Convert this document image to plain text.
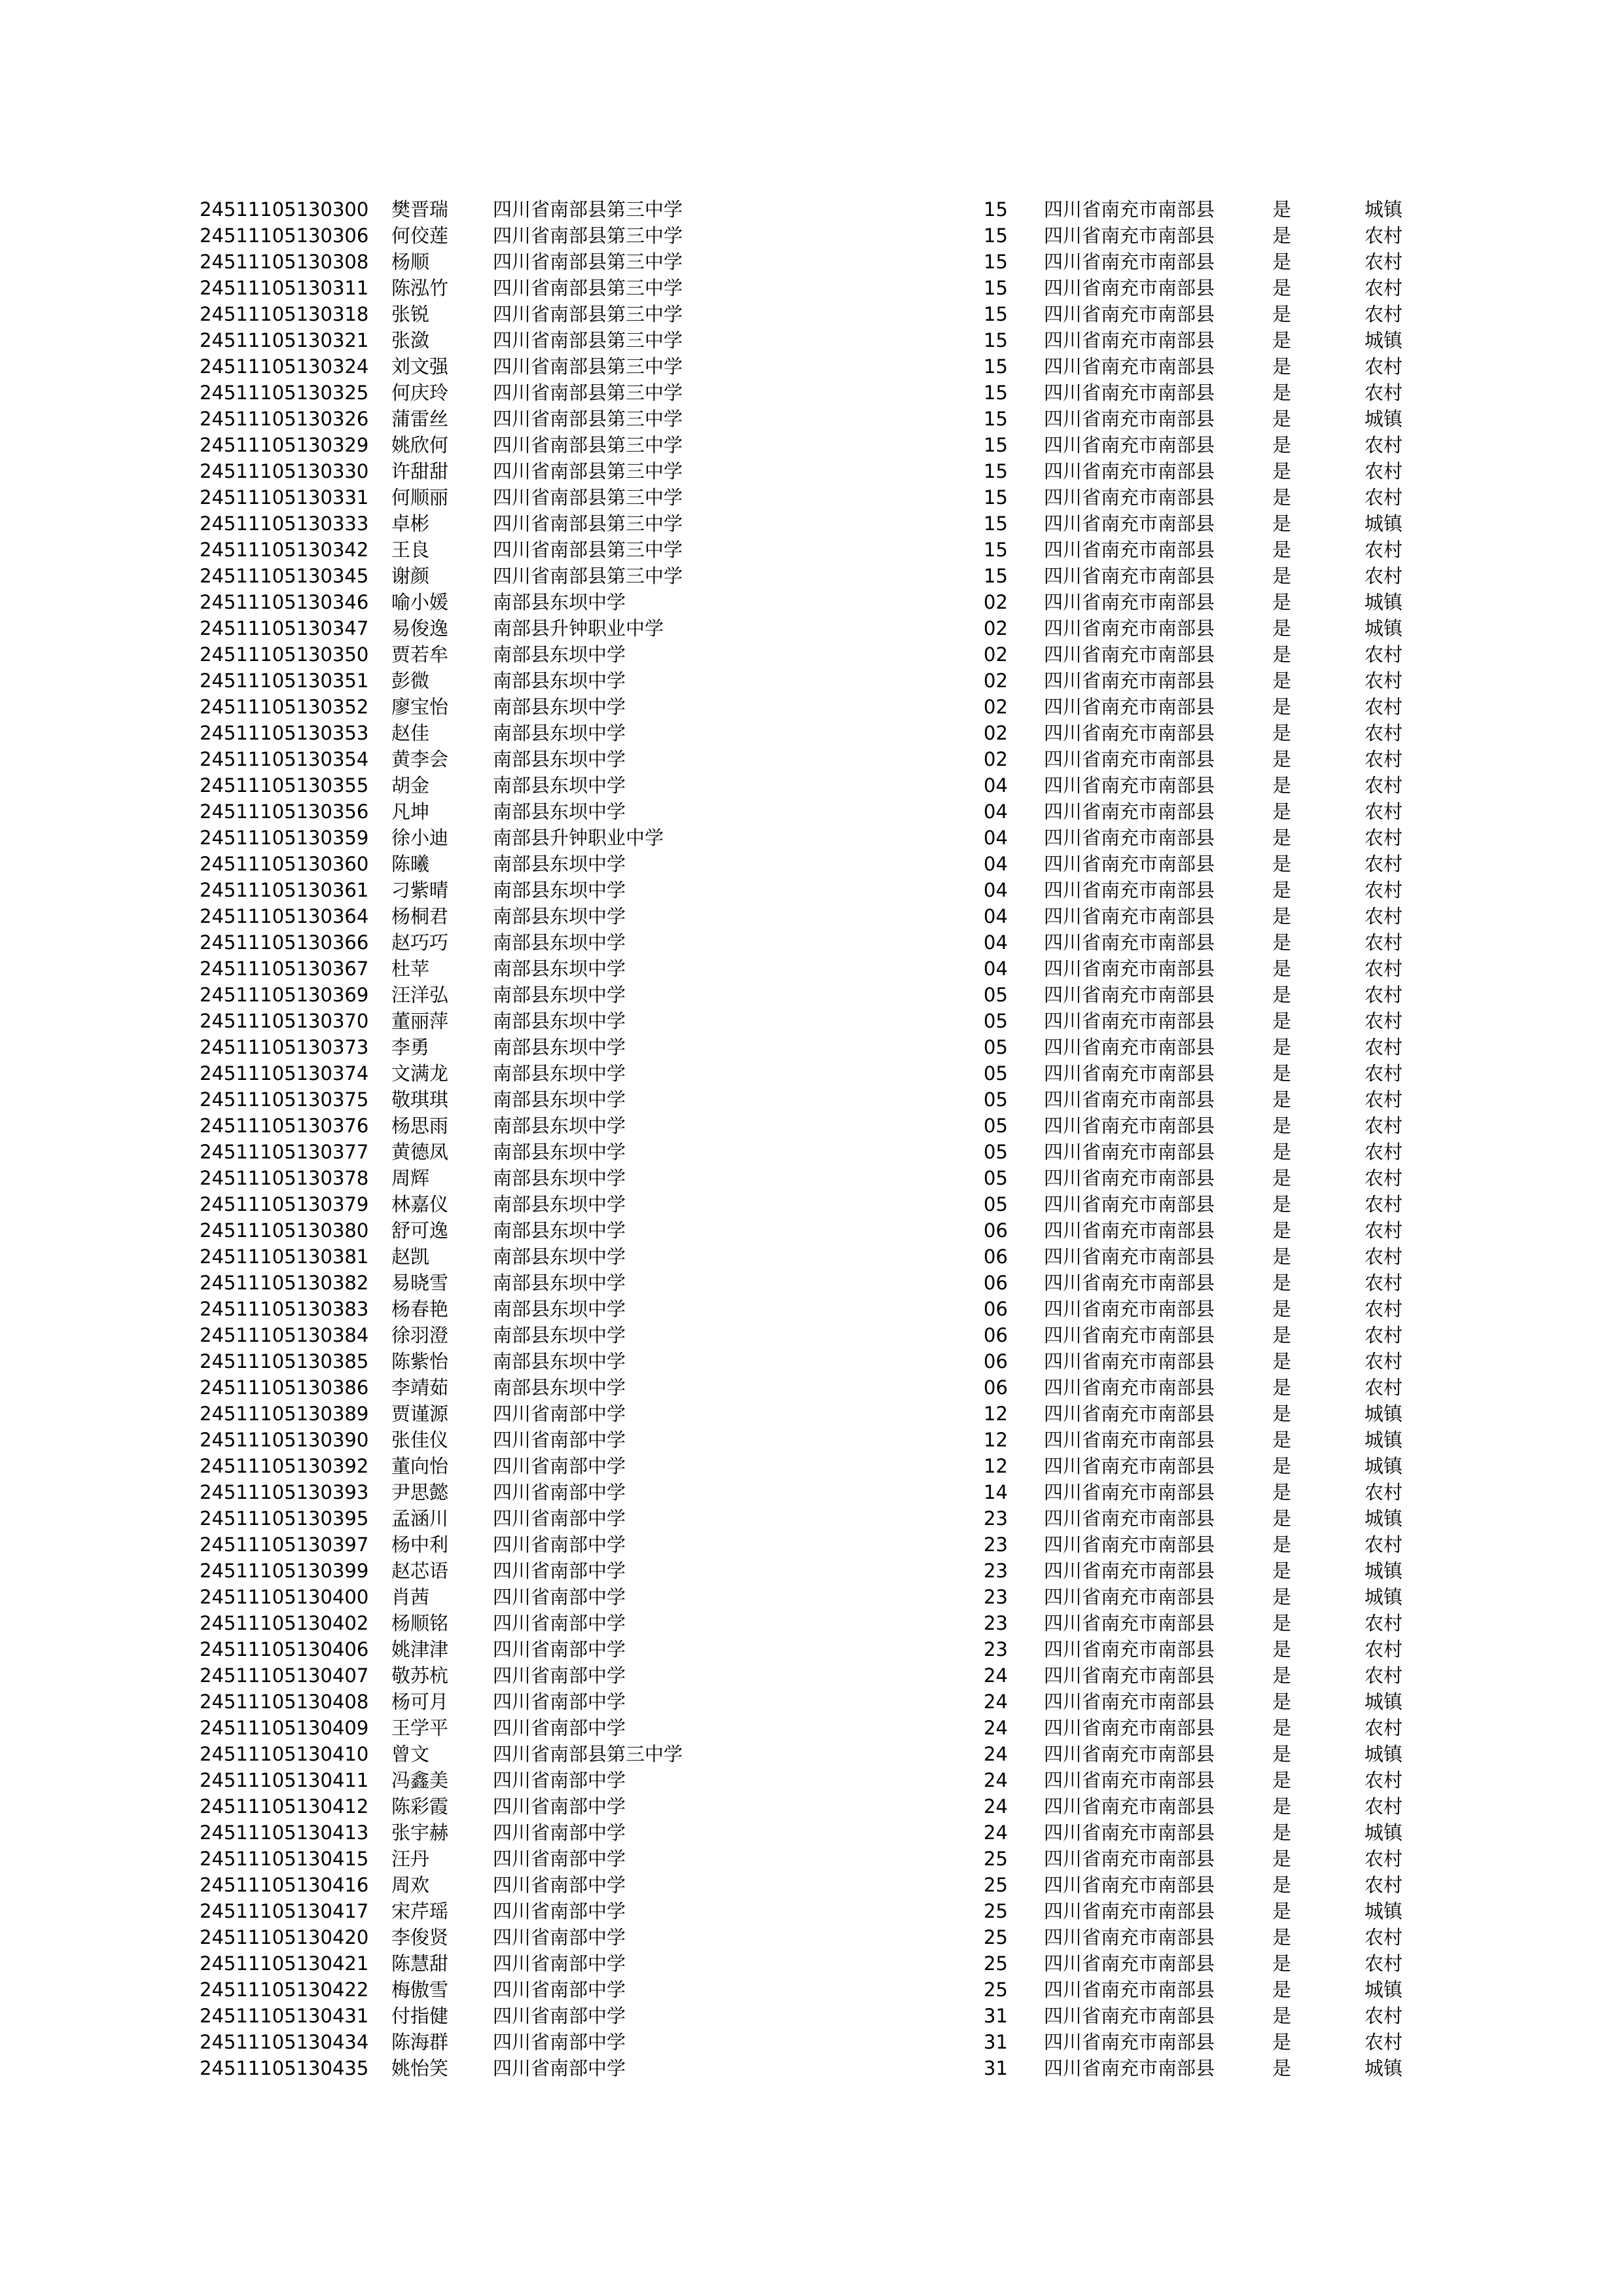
24511105130300 樊晋瑞 四川省南部县第三中学	15 四川省南充市南部县	是	城镇
24511105130306 何佼莲 四川省南部县第三中学	15 四川省南充市南部县	是	农村
24511105130308 杨顺	四川省南部县第三中学	15 四川省南充市南部县	是	农村
24511105130311 陈泓竹 四川省南部县第三中学	15 四川省南充市南部县	是	农村
24511105130318 张锐	四川省南部县第三中学	15 四川省南充市南部县	是	农村
24511105130321 张潋	四川省南部县第三中学	15 四川省南充市南部县	是	城镇
24511105130324 刘文强 四川省南部县第三中学	15 四川省南充市南部县	是	农村
24511105130325 何庆玲 四川省南部县第三中学	15 四川省南充市南部县	是	农村
24511105130326 蒲雷丝 四川省南部县第三中学	15 四川省南充市南部县	是	城镇
24511105130329 姚欣何 四川省南部县第三中学	15 四川省南充市南部县	是	农村
24511105130330 许甜甜 四川省南部县第三中学	15 四川省南充市南部县	是	农村
24511105130331 何顺丽 四川省南部县第三中学	15 四川省南充市南部县	是	农村
24511105130333 卓彬	四川省南部县第三中学	15 四川省南充市南部县	是	城镇
24511105130342 王良	四川省南部县第三中学	15 四川省南充市南部县	是	农村
24511105130345 谢颜	四川省南部县第三中学	15 四川省南充市南部县	是	农村
24511105130346 喻小媛 南部县东坝中学	02 四川省南充市南部县	是	城镇
24511105130347 易俊逸 南部县升钟职业中学	02 四川省南充市南部县	是	城镇
24511105130350 贾若牟 南部县东坝中学	02 四川省南充市南部县	是	农村
24511105130351 彭微	南部县东坝中学	02 四川省南充市南部县	是	农村
24511105130352 廖宝怡 南部县东坝中学	02 四川省南充市南部县	是	农村
24511105130353 赵佳	南部县东坝中学	02 四川省南充市南部县	是	农村
24511105130354 黄李会 南部县东坝中学	02 四川省南充市南部县	是	农村
24511105130355 胡金	南部县东坝中学	04 四川省南充市南部县	是	农村
24511105130356 凡坤	南部县东坝中学	04 四川省南充市南部县	是	农村
24511105130359 徐小迪 南部县升钟职业中学	04 四川省南充市南部县	是	农村
24511105130360 陈曦	南部县东坝中学	04 四川省南充市南部县	是	农村
24511105130361 刁紫晴 南部县东坝中学	04 四川省南充市南部县	是	农村
24511105130364 杨桐君 南部县东坝中学	04 四川省南充市南部县	是	农村
24511105130366 赵巧巧 南部县东坝中学	04 四川省南充市南部县	是	农村
24511105130367 杜苹	南部县东坝中学	04 四川省南充市南部县	是	农村
24511105130369 汪洋弘 南部县东坝中学	05 四川省南充市南部县	是	农村
24511105130370 董丽萍 南部县东坝中学	05 四川省南充市南部县	是	农村
24511105130373 李勇	南部县东坝中学	05 四川省南充市南部县	是	农村
24511105130374 文满龙 南部县东坝中学	05 四川省南充市南部县	是	农村
24511105130375 敬琪琪 南部县东坝中学	05 四川省南充市南部县	是	农村
24511105130376 杨思雨 南部县东坝中学	05 四川省南充市南部县	是	农村
24511105130377 黄德凤 南部县东坝中学	05 四川省南充市南部县	是	农村
24511105130378 周辉	南部县东坝中学	05 四川省南充市南部县	是	农村
24511105130379 林嘉仪 南部县东坝中学	05 四川省南充市南部县	是	农村
24511105130380 舒可逸 南部县东坝中学	06 四川省南充市南部县	是	农村
24511105130381 赵凯	南部县东坝中学	06 四川省南充市南部县	是	农村
24511105130382 易晓雪 南部县东坝中学	06 四川省南充市南部县	是	农村
24511105130383 杨春艳 南部县东坝中学	06 四川省南充市南部县	是	农村
24511105130384 徐羽澄 南部县东坝中学	06 四川省南充市南部县	是	农村
24511105130385 陈紫怡 南部县东坝中学	06 四川省南充市南部县	是	农村
24511105130386 李靖茹 南部县东坝中学	06 四川省南充市南部县	是	农村
24511105130389 贾谨源 四川省南部中学	12 四川省南充市南部县	是	城镇
24511105130390 张佳仪 四川省南部中学	12 四川省南充市南部县	是	城镇
24511105130392 董向怡 四川省南部中学	12 四川省南充市南部县	是	城镇
24511105130393 尹思懿 四川省南部中学	14 四川省南充市南部县	是	农村
24511105130395 孟涵川 四川省南部中学	23 四川省南充市南部县	是	城镇
24511105130397 杨中利 四川省南部中学	23 四川省南充市南部县	是	农村
24511105130399 赵芯语 四川省南部中学	23 四川省南充市南部县	是	城镇
24511105130400 肖茜	四川省南部中学	23 四川省南充市南部县	是	城镇
24511105130402 杨顺铭 四川省南部中学	23 四川省南充市南部县	是	农村
24511105130406 姚津津 四川省南部中学	23 四川省南充市南部县	是	农村
24511105130407 敬苏杭 四川省南部中学	24 四川省南充市南部县	是	农村
24511105130408 杨可月 四川省南部中学	24 四川省南充市南部县	是	城镇
24511105130409 王学平 四川省南部中学	24 四川省南充市南部县	是	农村
24511105130410 曾文	四川省南部县第三中学	24 四川省南充市南部县	是	城镇
24511105130411 冯鑫美 四川省南部中学	24 四川省南充市南部县	是	农村
24511105130412 陈彩霞 四川省南部中学	24 四川省南充市南部县	是	农村
24511105130413 张宇赫 四川省南部中学	24 四川省南充市南部县	是	城镇
24511105130415 汪丹	四川省南部中学	25 四川省南充市南部县	是	农村
24511105130416 周欢	四川省南部中学	25 四川省南充市南部县	是	农村
24511105130417 宋芹瑶 四川省南部中学	25 四川省南充市南部县	是	城镇
24511105130420 李俊贤 四川省南部中学	25 四川省南充市南部县	是	农村
24511105130421 陈慧甜 四川省南部中学	25 四川省南充市南部县	是	农村
24511105130422 梅傲雪 四川省南部中学	25 四川省南充市南部县	是	城镇
24511105130431 付指健 四川省南部中学	31 四川省南充市南部县	是	农村
24511105130434 陈海群 四川省南部中学	31 四川省南充市南部县	是	农村
24511105130435 姚怡笑 四川省南部中学	31 四川省南充市南部县	是	城镇
